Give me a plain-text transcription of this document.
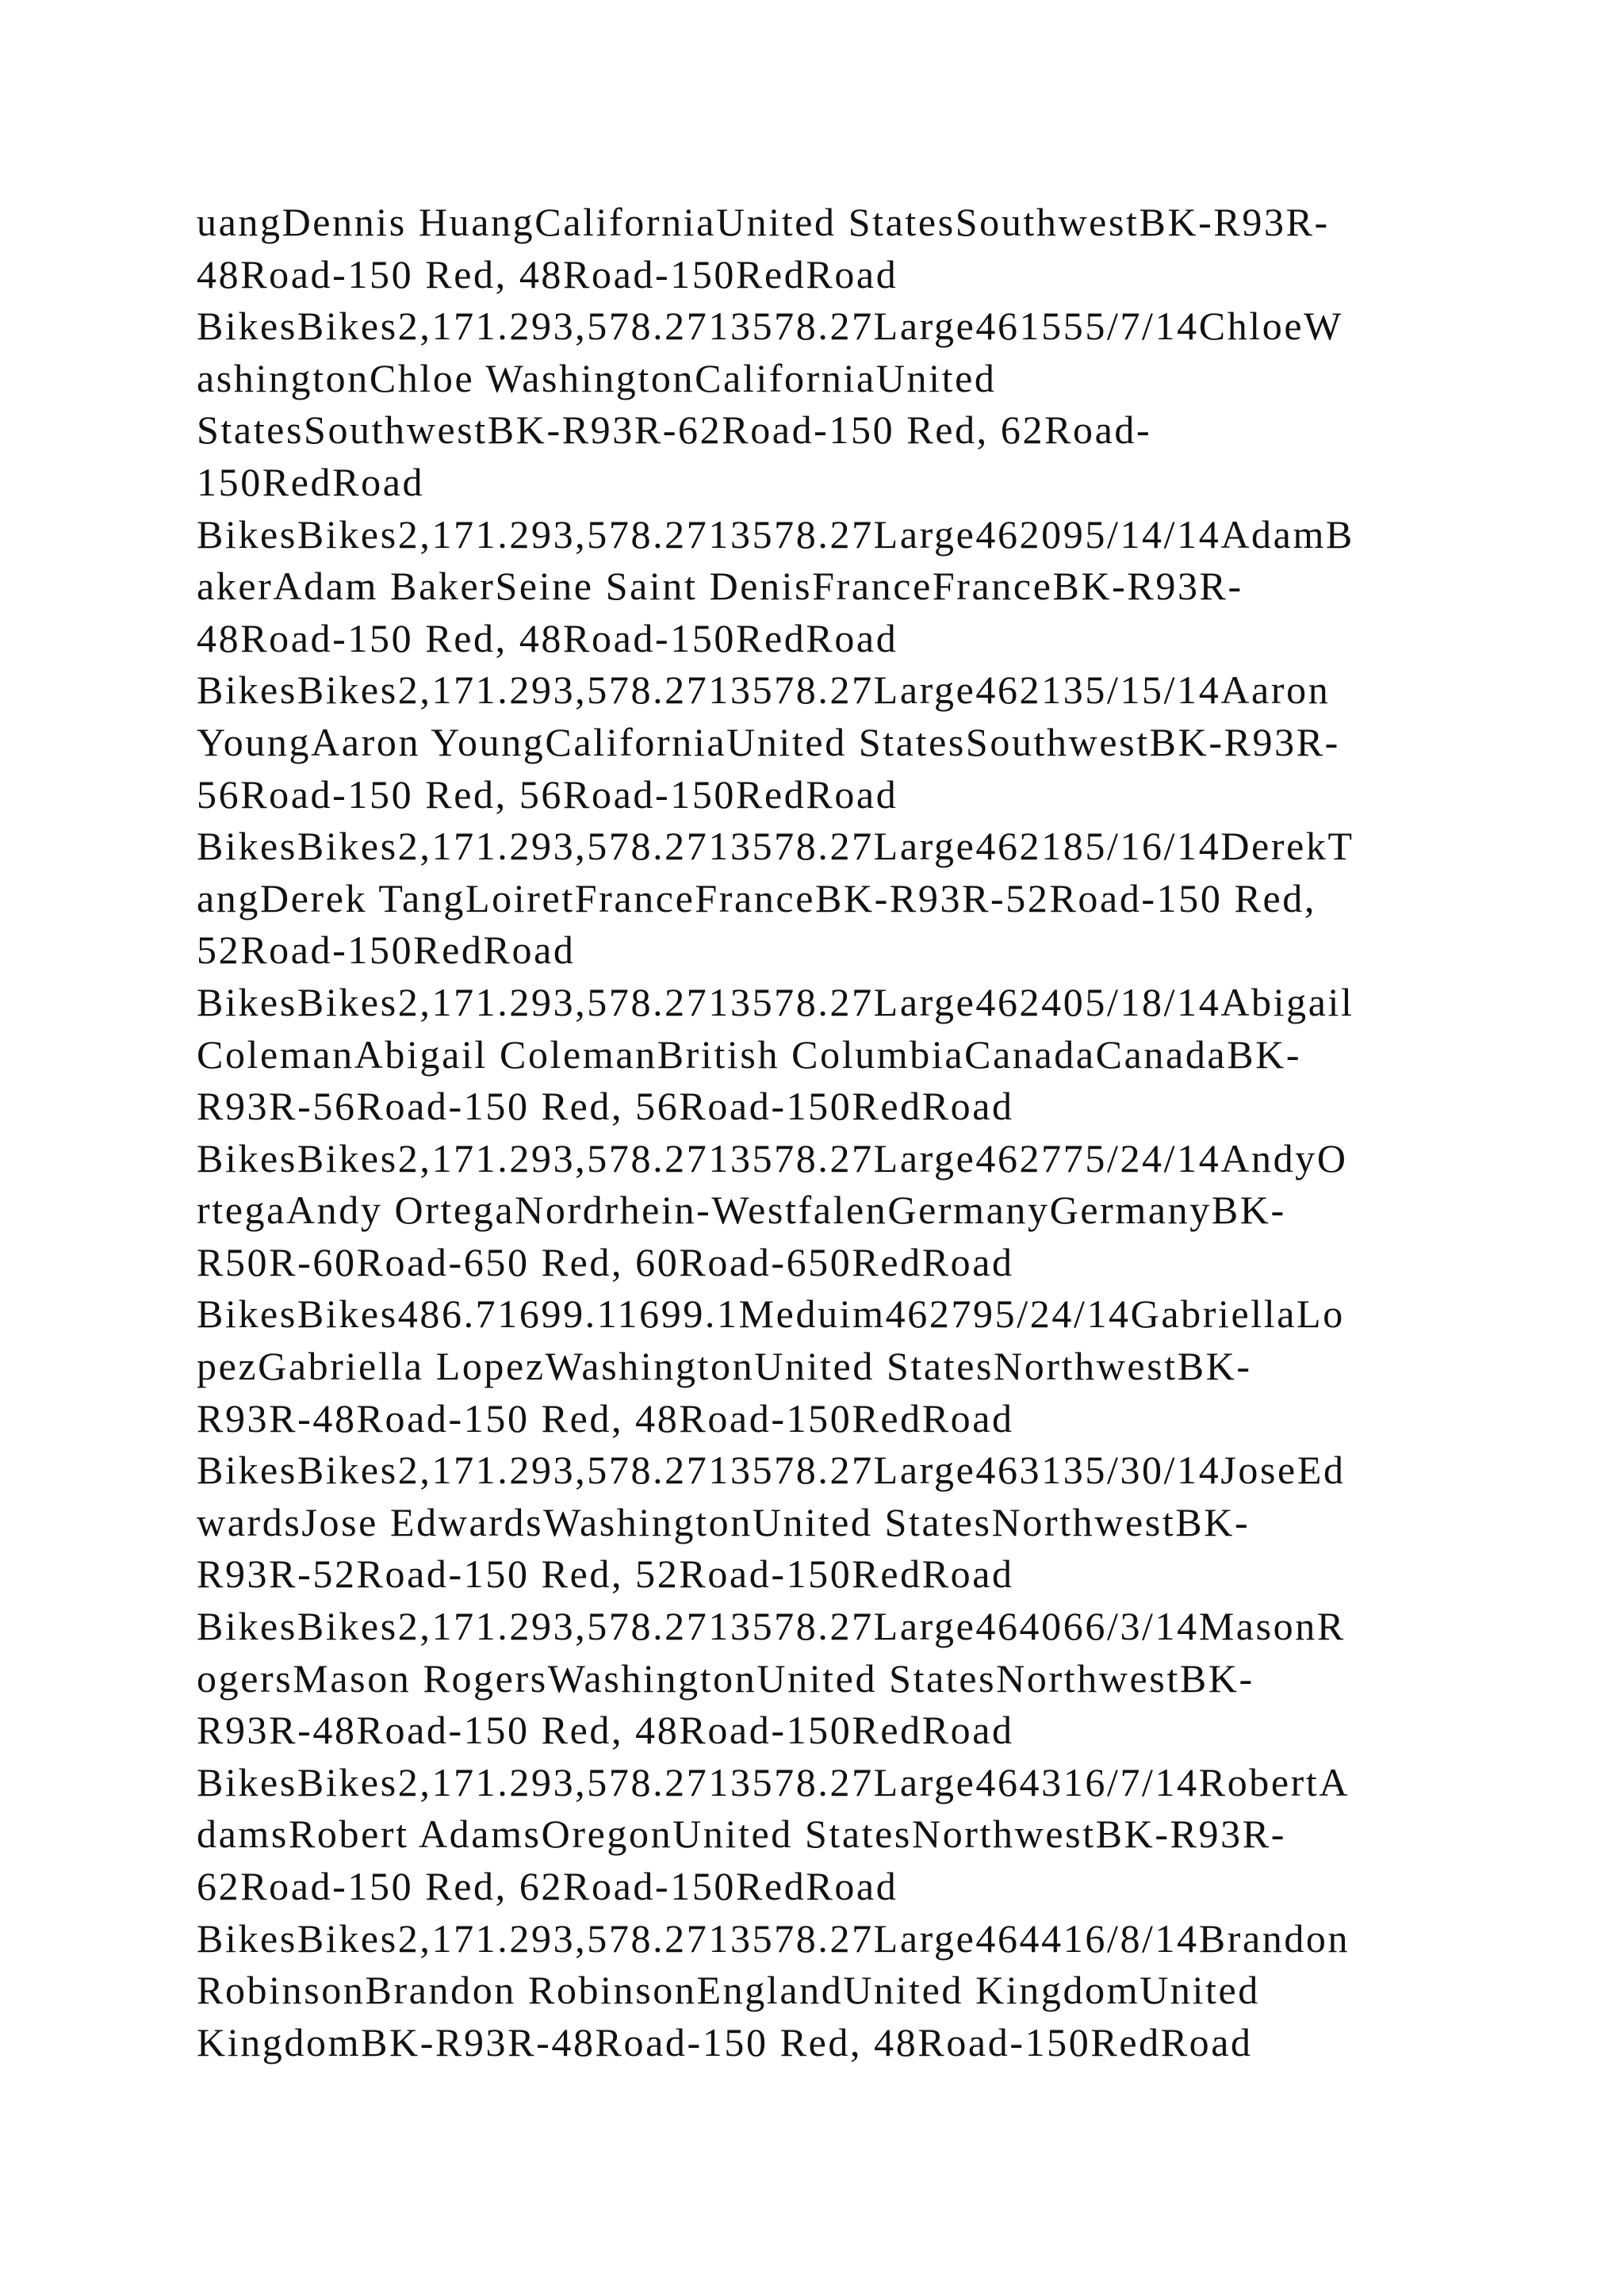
uangDennis HuangCaliforniaUnited StatesSouthwestBK-R93R-
48Road-150 Red, 48Road-150RedRoad
BikesBikes2,171.293,578.2713578.27Large461555/7/14ChloeW
ashingtonChloe WashingtonCaliforniaUnited
StatesSouthwestBK-R93R-62Road-150 Red, 62Road-
150RedRoad
BikesBikes2,171.293,578.2713578.27Large462095/14/14AdamB
akerAdam BakerSeine Saint DenisFranceFranceBK-R93R-
48Road-150 Red, 48Road-150RedRoad
BikesBikes2,171.293,578.2713578.27Large462135/15/14Aaron
YoungAaron YoungCaliforniaUnited StatesSouthwestBK-R93R-
56Road-150 Red, 56Road-150RedRoad
BikesBikes2,171.293,578.2713578.27Large462185/16/14DerekT
angDerek TangLoiretFranceFranceBK-R93R-52Road-150 Red,
52Road-150RedRoad
BikesBikes2,171.293,578.2713578.27Large462405/18/14Abigail
ColemanAbigail ColemanBritish ColumbiaCanadaCanadaBK-
R93R-56Road-150 Red, 56Road-150RedRoad
BikesBikes2,171.293,578.2713578.27Large462775/24/14AndyO
rtegaAndy OrtegaNordrhein-WestfalenGermanyGermanyBK-
R50R-60Road-650 Red, 60Road-650RedRoad
BikesBikes486.71699.11699.1Meduim462795/24/14GabriellaLo
pezGabriella LopezWashingtonUnited StatesNorthwestBK-
R93R-48Road-150 Red, 48Road-150RedRoad
BikesBikes2,171.293,578.2713578.27Large463135/30/14JoseEd
wardsJose EdwardsWashingtonUnited StatesNorthwestBK-
R93R-52Road-150 Red, 52Road-150RedRoad
BikesBikes2,171.293,578.2713578.27Large464066/3/14MasonR
ogersMason RogersWashingtonUnited StatesNorthwestBK-
R93R-48Road-150 Red, 48Road-150RedRoad
BikesBikes2,171.293,578.2713578.27Large464316/7/14RobertA
damsRobert AdamsOregonUnited StatesNorthwestBK-R93R-
62Road-150 Red, 62Road-150RedRoad
BikesBikes2,171.293,578.2713578.27Large464416/8/14Brandon
RobinsonBrandon RobinsonEnglandUnited KingdomUnited
KingdomBK-R93R-48Road-150 Red, 48Road-150RedRoad
